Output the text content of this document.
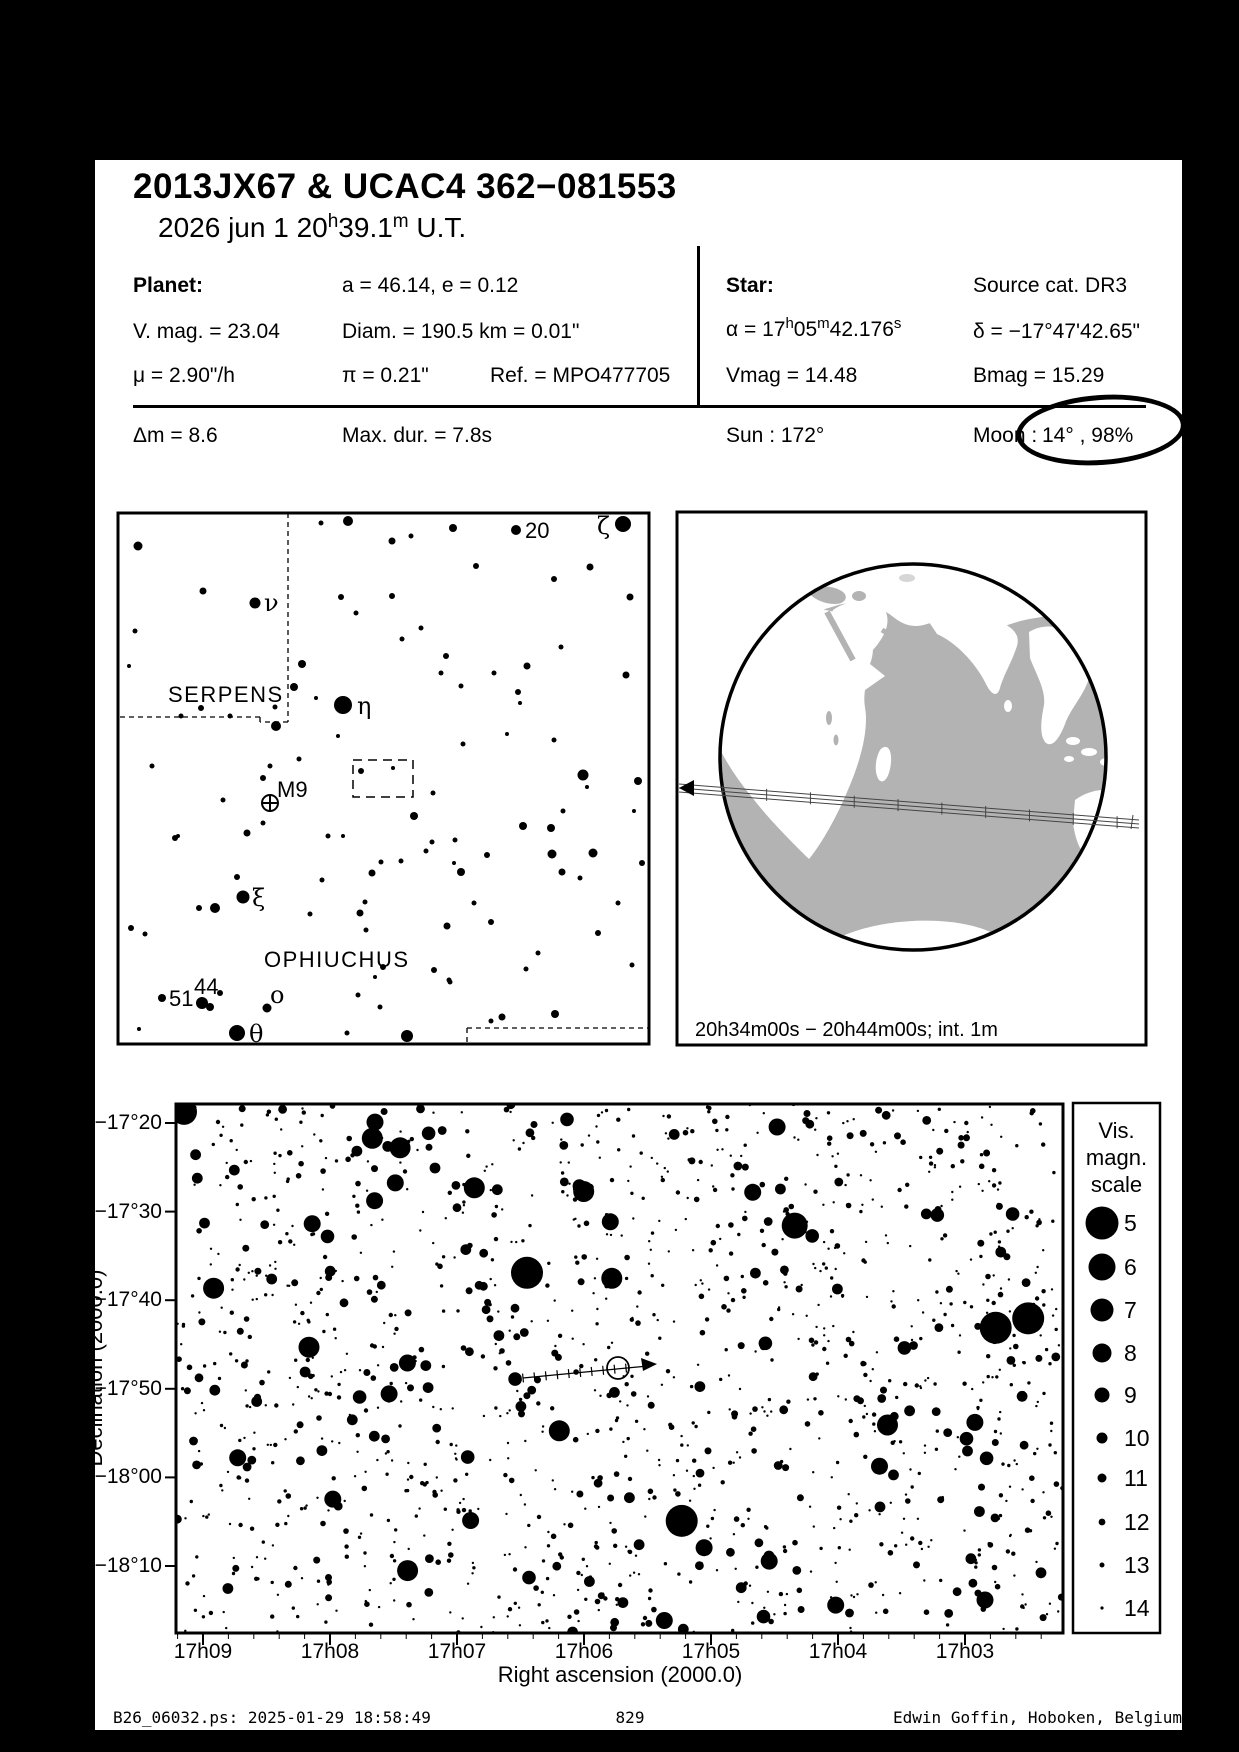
2013JX67 & UCAC4 362−081553
2026 jun 1 20$^h$39.1$^m$ U.T.
Planet:	a = 46.14, e = 0.12	Star:	Source cat. DR3
V. mag. = 23.04	Diam. = 190.5 km = 0.01"	$\alpha = 17^h05^m42.176^s$	δ = −17°47'42.65"
μ = 2.90"/h	π = 0.21"	Ref. = MPO477705	Vmag = 14.48	Bmag = 15.29
Δm = 8.6	Max. dur. = 7.8s	Sun : 172°	Moon : 14° , 98%
20 ζ
ν
η
ξ
θ
o
51 44
M9
SERPENS
OPHIUCHUS
20h34m00s − 20h44m00s; int. 1m
−17°20
−17°30
−17°40
−17°50
−18°00
−18°10
17h09	17h08	17h07	17h06	17h05	17h04	17h03
Declination (2000.0)
Right ascension (2000.0)
Vis.
magn.
scale
5
6
7
8
9
10
11
12
13
14
B26_06032.ps: 2025-01-29 18:58:49	829	Edwin Goffin, Hoboken, Belgium
